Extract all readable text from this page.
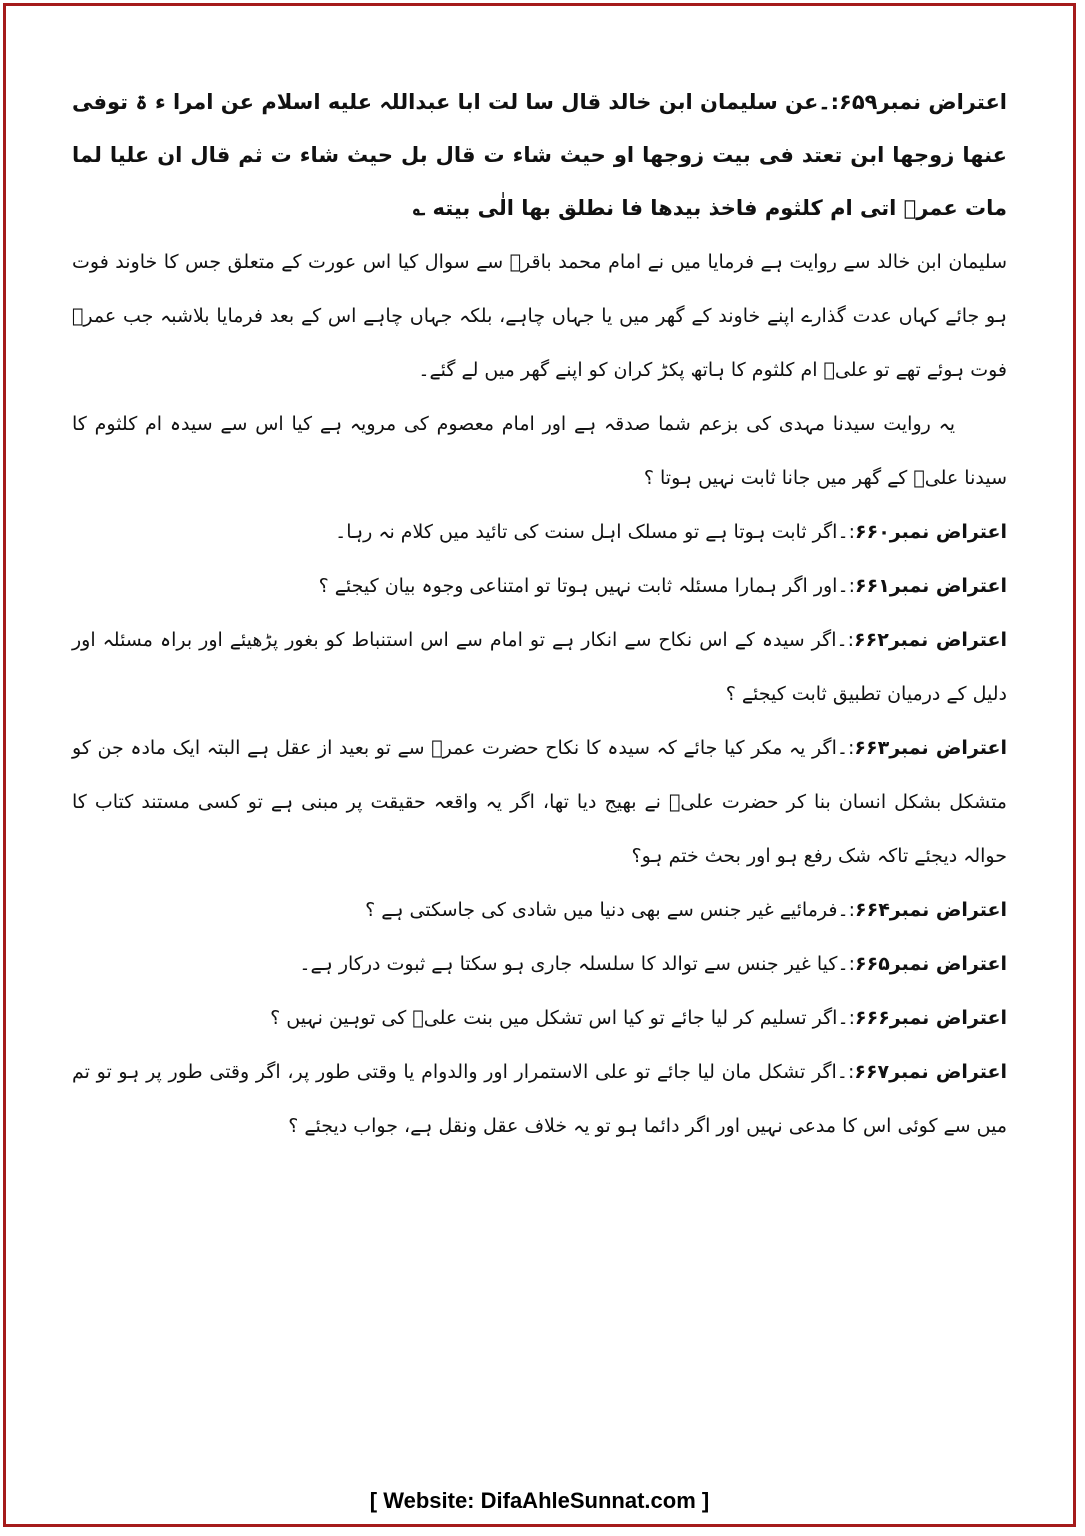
اعتراض نمبر۶۵۹:۔عن سلیمان ابن خالد قال سا لت ابا عبداللہ علیه اسلام عن امرا ء ۃ توفی عنها زوجها ابن تعتد فی بیت زوجها او حیث شاء ت قال بل حیث شاء ت ثم قال ان علیا لما مات عمرؓ اتی ام کلثوم فاخذ بیدها فا نطلق بها الٰی بیته ؎

سلیمان ابن خالد سے روایت ہے فرمایا میں نے امام محمد باقرؒ سے سوال کیا اس عورت کے متعلق جس کا خاوند فوت ہو جائے کہاں عدت گذارے اپنے خاوند کے گھر میں یا جہاں چاہے، بلکہ جہاں چاہے اس کے بعد فرمایا بلاشبہ جب عمرؓ فوت ہوئے تھے تو علیؓ ام کلثوم کا ہاتھ پکڑ کران کو اپنے گھر میں لے گئے۔

یہ روایت سیدنا مہدی کی بزعم شما صدقہ ہے اور امام معصوم کی مرویہ ہے کیا اس سے سیدہ ام کلثوم کا سیدنا علیؓ کے گھر میں جانا ثابت نہیں ہوتا ؟

اعتراض نمبر۶۶۰:۔اگر ثابت ہوتا ہے تو مسلک اہل سنت کی تائید میں کلام نہ رہا۔

اعتراض نمبر۶۶۱:۔اور اگر ہمارا مسئلہ ثابت نہیں ہوتا تو امتناعی وجوہ بیان کیجئے ؟

اعتراض نمبر۶۶۲:۔اگر سیدہ کے اس نکاح سے انکار ہے تو امام سے اس استنباط کو بغور پڑھیئے اور براہ مسئلہ اور دلیل کے درمیان تطبیق ثابت کیجئے ؟

اعتراض نمبر۶۶۳:۔اگر یہ مکر کیا جائے کہ سیدہ کا نکاح حضرت عمرؓ سے تو بعید از عقل ہے البتہ ایک مادہ جن کو متشکل بشکل انسان بنا کر حضرت علیؓ نے بھیج دیا تھا، اگر یہ واقعہ حقیقت پر مبنی ہے تو کسی مستند کتاب کا حوالہ دیجئے تاکہ شک رفع ہو اور بحث ختم ہو؟

اعتراض نمبر۶۶۴:۔فرمائیے غیر جنس سے بھی دنیا میں شادی کی جاسکتی ہے ؟

اعتراض نمبر۶۶۵:۔کیا غیر جنس سے توالد کا سلسلہ جاری ہو سکتا ہے ثبوت درکار ہے۔

اعتراض نمبر۶۶۶:۔اگر تسلیم کر لیا جائے تو کیا اس تشکل میں بنت علیؓ کی توہین نہیں ؟

اعتراض نمبر۶۶۷:۔اگر تشکل مان لیا جائے تو علی الاستمرار اور والدوام یا وقتی طور پر، اگر وقتی طور پر ہو تو تم میں سے کوئی اس کا مدعی نہیں اور اگر دائما ہو تو یہ خلاف عقل ونقل ہے، جواب دیجئے ؟

[ Website: DifaAhleSunnat.com ]
